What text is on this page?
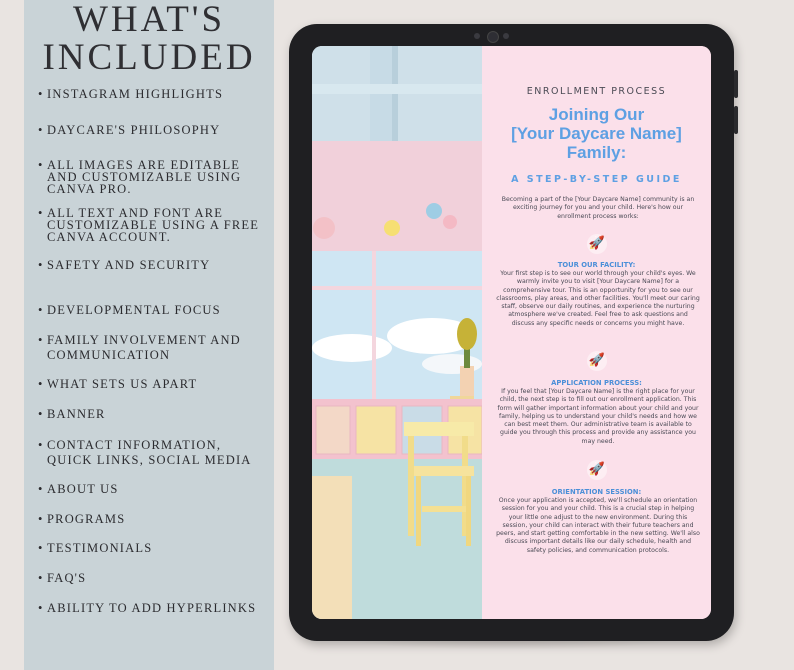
WHAT'S
INCLUDED
• INSTAGRAM HIGHLIGHTS
• DAYCARE'S PHILOSOPHY
• ALL IMAGES ARE EDITABLE AND CUSTOMIZABLE USING CANVA PRO.
• ALL TEXT AND FONT ARE CUSTOMIZABLE USING A FREE CANVA ACCOUNT.
• SAFETY AND SECURITY
• DEVELOPMENTAL FOCUS
• FAMILY INVOLVEMENT AND COMMUNICATION
• WHAT SETS US APART
• BANNER
• CONTACT INFORMATION, QUICK LINKS, SOCIAL MEDIA
• ABOUT US
• PROGRAMS
• TESTIMONIALS
• FAQ'S
• ABILITY TO ADD HYPERLINKS
ENROLLMENT PROCESS
Joining Our
[Your Daycare Name]
Family:
A STEP-BY-STEP GUIDE
Becoming a part of the [Your Daycare Name] community is an exciting journey for you and your child. Here's how our enrollment process works:
🚀
TOUR OUR FACILITY:
Your first step is to see our world through your child's eyes. We warmly invite you to visit [Your Daycare Name] for a comprehensive tour. This is an opportunity for you to see our classrooms, play areas, and other facilities. You'll meet our caring staff, observe our daily routines, and experience the nurturing atmosphere we've created. Feel free to ask questions and discuss any specific needs or concerns you might have.
🚀
APPLICATION PROCESS:
If you feel that [Your Daycare Name] is the right place for your child, the next step is to fill out our enrollment application. This form will gather important information about your child and your family, helping us to understand your child's needs and how we can best meet them. Our administrative team is available to guide you through this process and provide any assistance you may need.
🚀
ORIENTATION SESSION:
Once your application is accepted, we'll schedule an orientation session for you and your child. This is a crucial step in helping your little one adjust to the new environment. During this session, your child can interact with their future teachers and peers, and start getting comfortable in the new setting. We'll also discuss important details like our daily schedule, health and safety policies, and communication protocols.
